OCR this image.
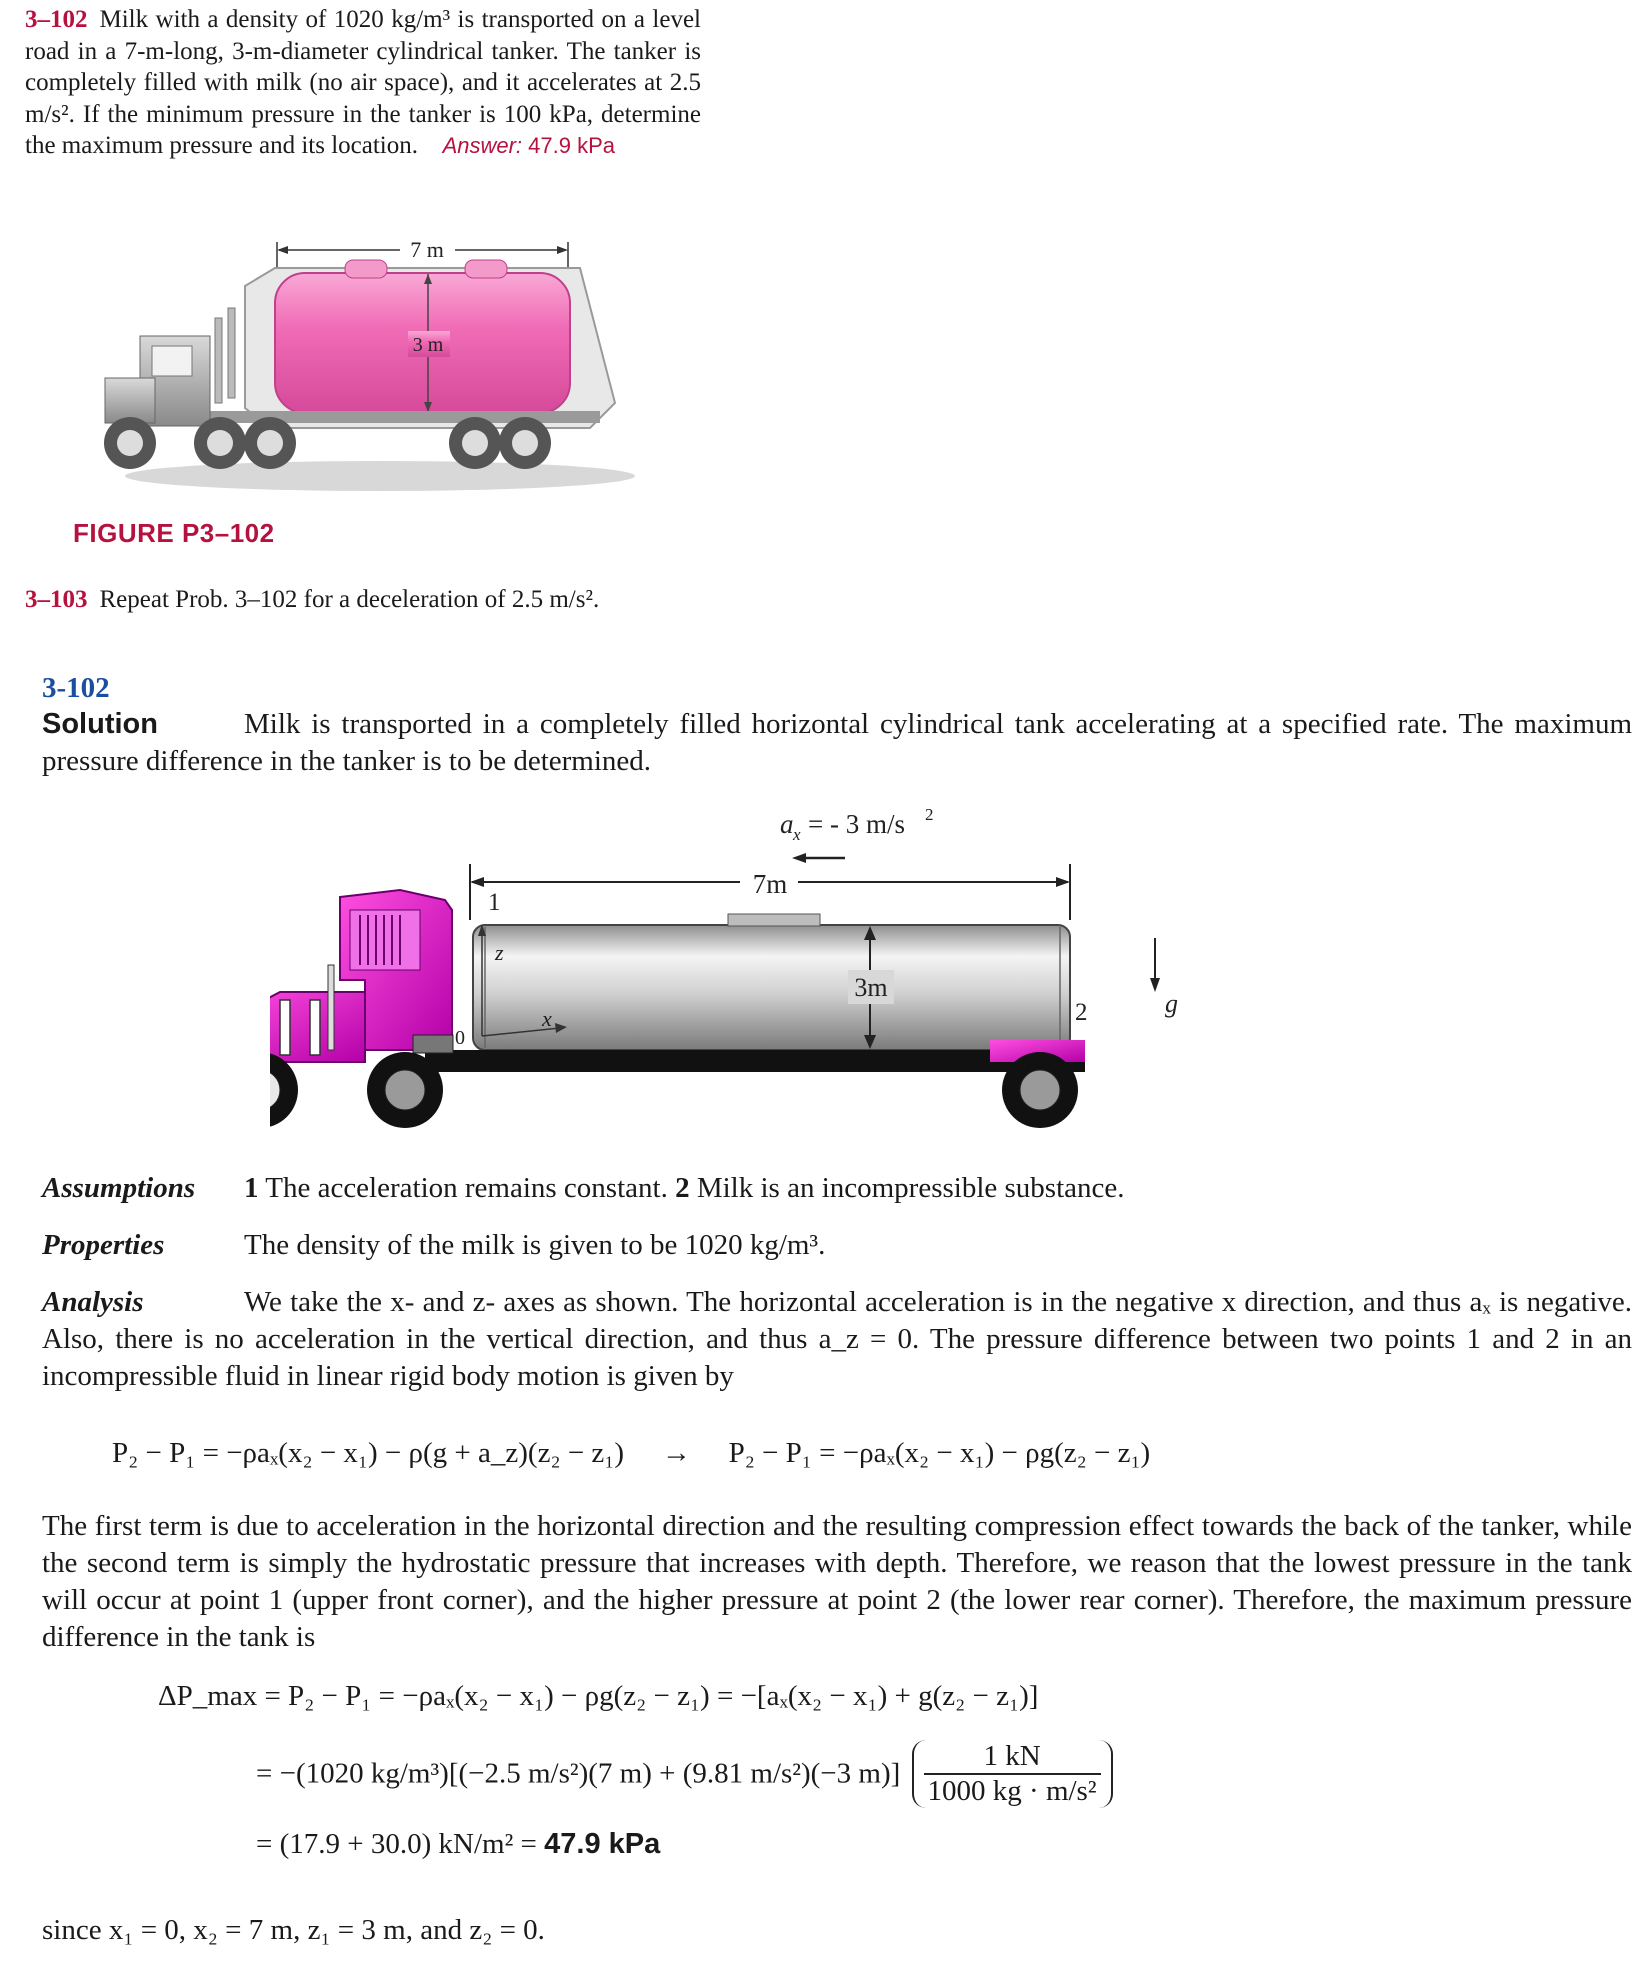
3–102 Milk with a density of 1020 kg/m³ is transported on a level road in a 7-m-long, 3-m-diameter cylindrical tanker. The tanker is completely filled with milk (no air space), and it accelerates at 2.5 m/s². If the minimum pressure in the tanker is 100 kPa, determine the maximum pressure and its location. Answer: 47.9 kPa
7 m
3 m
FIGURE P3–102
3–103 Repeat Prob. 3–102 for a deceleration of 2.5 m/s².
3-102
Solution	Milk is transported in a completely filled horizontal cylindrical tank accelerating at a specified rate. The maximum pressure difference in the tanker is to be determined.
a x = - 3 m/s 2
7m
1
3m
2
z
x
0
g
Assumptions 1 The acceleration remains constant. 2 Milk is an incompressible substance.
Properties	The density of the milk is given to be 1020 kg/m³.
Analysis	We take the x- and z- axes as shown. The horizontal acceleration is in the negative x direction, and thus aₓ is negative. Also, there is no acceleration in the vertical direction, and thus a_z = 0. The pressure difference between two points 1 and 2 in an incompressible fluid in linear rigid body motion is given by
P₂ − P₁ = −ρaₓ(x₂ − x₁) − ρ(g + a_z)(z₂ − z₁) → P₂ − P₁ = −ρaₓ(x₂ − x₁) − ρg(z₂ − z₁)
The first term is due to acceleration in the horizontal direction and the resulting compression effect towards the back of the tanker, while the second term is simply the hydrostatic pressure that increases with depth. Therefore, we reason that the lowest pressure in the tank will occur at point 1 (upper front corner), and the higher pressure at point 2 (the lower rear corner). Therefore, the maximum pressure difference in the tank is
ΔP_max = P₂ − P₁ = −ρaₓ(x₂ − x₁) − ρg(z₂ − z₁) = −[aₓ(x₂ − x₁) + g(z₂ − z₁)]
= −(1020 kg/m³)[(−2.5 m/s²)(7 m) + (9.81 m/s²)(−3 $m)] \frac{1 kN}{\text{1000 kg · m/s²}}$
= (17.9 + 30.0) kN/m² = 47.9 kPa
since x₁ = 0, x₂ = 7 m, z₁ = 3 m, and z₂ = 0.
